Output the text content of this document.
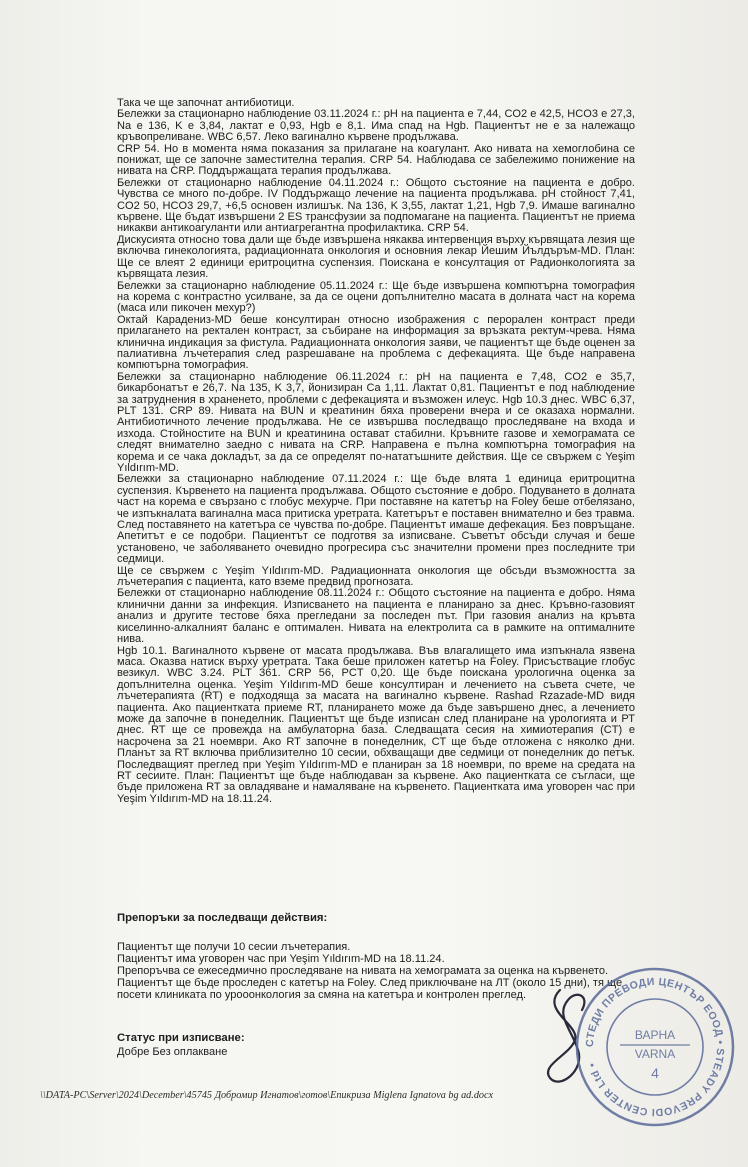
Така че ще започнат антибиотици.

Бележки за стационарно наблюдение 03.11.2024 г.: pH на пациента е 7,44, CO2 е 42,5, HCO3 е 27,3, Na е 136, K е 3,84, лактат е 0,93, Hgb е 8,1. Има спад на Hgb. Пациентът не е за належащо кръвопреливане. WBC 6,57. Леко вагинално кървене продължава.

CRP 54. Но в момента няма показания за прилагане на коагулант. Ако нивата на хемоглобина се понижат, ще се започне заместителна терапия. CRP 54. Наблюдава се забележимо понижение на нивата на CRP. Поддържащата терапия продължава.

Бележки от стационарно наблюдение 04.11.2024 г.: Общото състояние на пациента е добро. Чувства се много по-добре. IV Поддържащо лечение на пациента продължава. pH стойност 7,41, CO2 50, HCO3 29,7, +6,5 основен излишък. Na 136, K 3,55, лактат 1,21, Hgb 7,9. Имаше вагинално кървене. Ще бъдат извършени 2 ES трансфузии за подпомагане на пациента. Пациентът не приема никакви антикоагуланти или антиагрегантна профилактика. CRP 54.

Дискусията относно това дали ще бъде извършена някаква интервенция върху кървящата лезия ще включва гинекологията, радиационната онкология и основния лекар Йешим Йълдъръм-MD. План: Ще се влеят 2 единици еритроцитна суспензия. Поискана е консултация от Радионкологията за кървящата лезия.

Бележки за стационарно наблюдение 05.11.2024 г.: Ще бъде извършена компютърна томография на корема с контрастно усилване, за да се оцени допълнително масата в долната част на корема (маса или пикочен мехур?)

Октай Карадениз-MD беше консултиран относно изображения с перорален контраст преди прилагането на ректален контраст, за събиране на информация за връзката ректум-чрева. Няма клинична индикация за фистула. Радиационната онкология заяви, че пациентът ще бъде оценен за палиативна лъчетерапия след разрешаване на проблема с дефекацията. Ще бъде направена компютърна томография.

Бележки за стационарно наблюдение 06.11.2024 г.: pH на пациента е 7,48, CO2 е 35,7, бикарбонатът е 26,7. Na 135, K 3,7, йонизиран Ca 1,11. Лактат 0,81. Пациентът е под наблюдение за затруднения в храненето, проблеми с дефекацията и възможен илеус. Hgb 10.3 днес. WBC 6,37, PLT 131. CRP 89. Нивата на BUN и креатинин бяха проверени вчера и се оказаха нормални. Антибиотичното лечение продължава. Не се извършва последващо проследяване на входа и изхода. Стойностите на BUN и креатинина остават стабилни. Кръвните газове и хемограмата се следят внимателно заедно с нивата на CRP. Направена е пълна компютърна томография на корема и се чака докладът, за да се определят по-нататъшните действия. Ще се свържем с Yeşim Yıldırım-MD.

Бележки за стационарно наблюдение 07.11.2024 г.: Ще бъде влята 1 единица еритроцитна суспензия. Кървенето на пациента продължава. Общото състояние е добро. Подуването в долната част на корема е свързано с глобус мехурче. При поставяне на катетър на Foley беше отбелязано, че изпъкналата вагинална маса притиска уретрата. Катетърът е поставен внимателно и без травма. След поставянето на катетъра се чувства по-добре. Пациентът имаше дефекация. Без повръщане. Апетитът е се подобри. Пациентът се подготвя за изписване. Съветът обсъди случая и беше установено, че заболяването очевидно прогресира със значителни промени през последните три седмици.

Ще се свържем с Yeşim Yıldırım-MD. Радиационната онкология ще обсъди възможността за лъчетерапия с пациента, като вземе предвид прогнозата.

Бележки от стационарно наблюдение 08.11.2024 г.: Общото състояние на пациента е добро. Няма клинични данни за инфекция. Изписването на пациента е планирано за днес. Кръвно-газовият анализ и другите тестове бяха прегледани за последен път. При газовия анализ на кръвта киселинно-алкалният баланс е оптимален. Нивата на електролита са в рамките на оптималните нива.

Hgb 10.1. Вагиналното кървене от масата продължава. Във влагалището има изпъкнала язвена маса. Оказва натиск върху уретрата. Така беше приложен катетър на Foley. Присъствацие глобус везикул. WBC 3.24. PLT 361. CRP 56, PCT 0,20. Ще бъде поискана урологична оценка за допълнителна оценка. Yeşim Yıldırım-MD беше консултиран и лечението на съвета счете, че лъчетерапията (RT) е подходяща за масата на вагинално кървене. Rashad Rzazade-MD видя пациента. Ако пациентката приеме RT, планирането може да бъде завършено днес, а лечението може да започне в понеделник. Пациентът ще бъде изписан след планиране на урологията и РТ днес. RT ще се провежда на амбулаторна база. Следващата сесия на химиотерапия (CT) е насрочена за 21 ноември. Ако RT започне в понеделник, CT ще бъде отложена с няколко дни. Планът за RT включва приблизително 10 сесии, обхващащи две седмици от понеделник до петък. Последващият преглед при Yeşim Yıldırım-MD е планиран за 18 ноември, по време на средата на RT сесиите. План: Пациентът ще бъде наблюдаван за кървене. Ако пациентката се съгласи, ще бъде приложена RT за овладяване и намаляване на кървенето. Пациентката има уговорен час при Yeşim Yıldırım-MD на 18.11.24.

Препоръки за последващи действия:
Пациентът ще получи 10 сесии лъчетерапия.
Пациентът има уговорен час при Yeşim Yıldırım-MD на 18.11.24.
Препоръчва се ежеседмично проследяване на нивата на хемограмата за оценка на кървенето.
Пациентът ще бъде проследен с катетър на Foley. След приключване на ЛТ (около 15 дни), тя ще посети клиниката по урооонкология за смяна на катетъра и контролен преглед.
Статус при изписване:
Добре Без оплакване
\\DATA-PC\Server\2024\December\45745 Добромир Игнатов\готов\Епикриза Miglena Ignatova bg ad.docx
СТЕДИ ПРЕВОДИ ЦЕНТЪР ЕООД • STEADY PREVODI CENTER Ltd •
ВАРНА
VARNA
4
